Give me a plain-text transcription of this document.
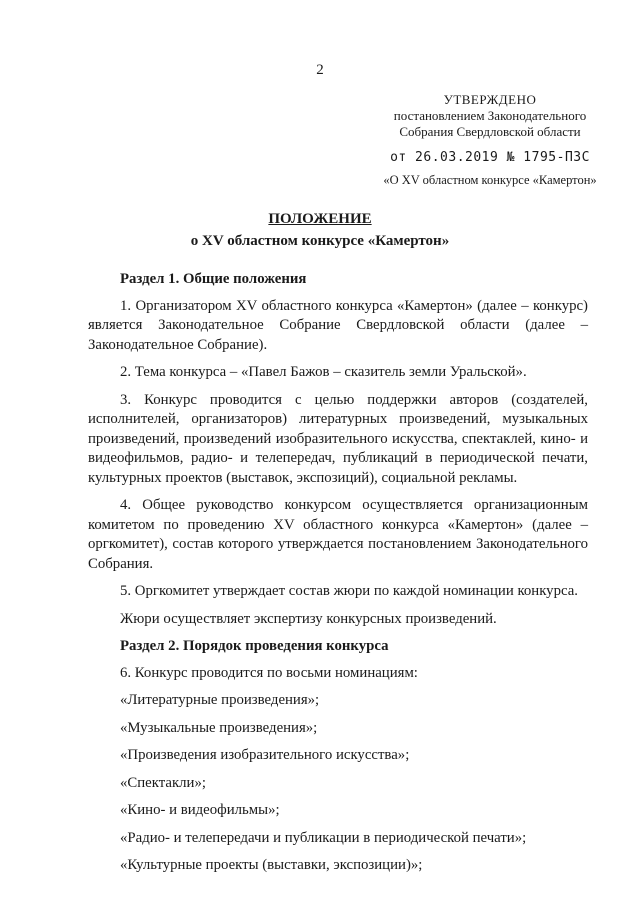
2
УТВЕРЖДЕНО
постановлением Законодательного
Собрания Свердловской области
от 26.03.2019 № 1795-ПЗС
«О XV областном конкурсе «Камертон»
ПОЛОЖЕНИЕ
о XV областном конкурсе «Камертон»
Раздел 1. Общие положения

1. Организатором XV областного конкурса «Камертон» (далее – конкурс) является Законодательное Собрание Свердловской области (далее – Законодательное Собрание).

2. Тема конкурса – «Павел Бажов – сказитель земли Уральской».

3. Конкурс проводится с целью поддержки авторов (создателей, исполнителей, организаторов) литературных произведений, музыкальных произведений, произведений изобразительного искусства, спектаклей, кино- и видеофильмов, радио- и телепередач, публикаций в периодической печати, культурных проектов (выставок, экспозиций), социальной рекламы.

4. Общее руководство конкурсом осуществляется организационным комитетом по проведению XV областного конкурса «Камертон» (далее – оргкомитет), состав которого утверждается постановлением Законодательного Собрания.

5. Оргкомитет утверждает состав жюри по каждой номинации конкурса.

Жюри осуществляет экспертизу конкурсных произведений.

Раздел 2. Порядок проведения конкурса

6. Конкурс проводится по восьми номинациям:

«Литературные произведения»;

«Музыкальные произведения»;

«Произведения изобразительного искусства»;

«Спектакли»;

«Кино- и видеофильмы»;

«Радио- и телепередачи и публикации в периодической печати»;

«Культурные проекты (выставки, экспозиции)»;
